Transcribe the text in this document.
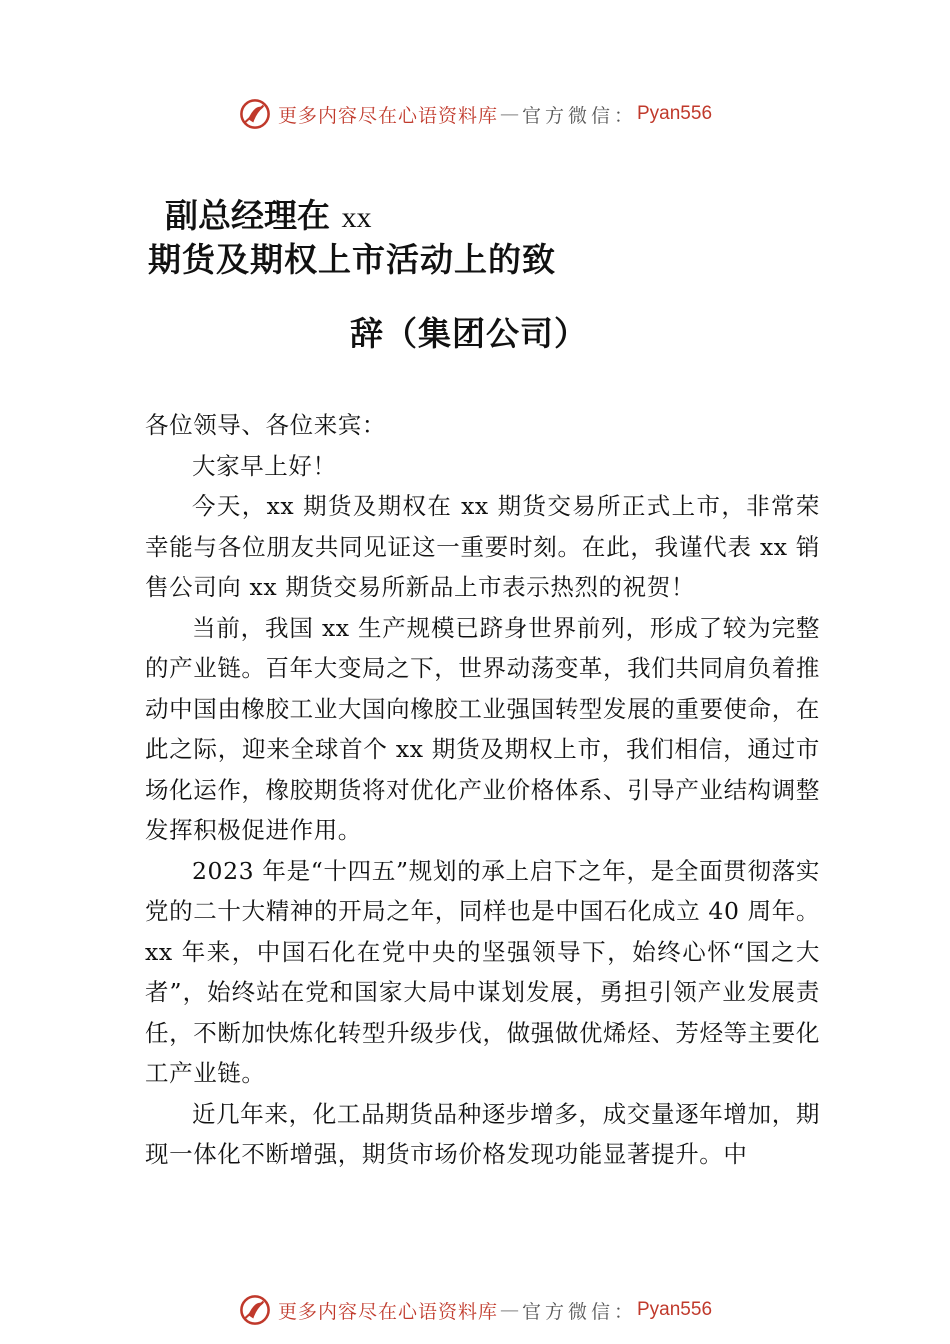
更多内容尽在心语资料库 — 官方微信： Pyan556
副总经理在 xx
期货及期权上市活动上的致
辞（集团公司）

各位领导、各位来宾：

大家早上好！

今天，xx 期货及期权在 xx 期货交易所正式上市，非常荣幸能与各位朋友共同见证这一重要时刻。在此，我谨代表 xx 销售公司向 xx 期货交易所新品上市表示热烈的祝贺！

当前，我国 xx 生产规模已跻身世界前列，形成了较为完整的产业链。百年大变局之下，世界动荡变革，我们共同肩负着推动中国由橡胶工业大国向橡胶工业强国转型发展的重要使命，在此之际，迎来全球首个 xx 期货及期权上市，我们相信，通过市场化运作，橡胶期货将对优化产业价格体系、引导产业结构调整发挥积极促进作用。

2023 年是“十四五”规划的承上启下之年，是全面贯彻落实党的二十大精神的开局之年，同样也是中国石化成立 40 周年。xx 年来，中国石化在党中央的坚强领导下，始终心怀“国之大者”，始终站在党和国家大局中谋划发展，勇担引领产业发展责任，不断加快炼化转型升级步伐，做强做优烯烃、芳烃等主要化工产业链。

近几年来，化工品期货品种逐步增多，成交量逐年增加，期现一体化不断增强，期货市场价格发现功能显著提升。中

更多内容尽在心语资料库 — 官方微信： Pyan556
